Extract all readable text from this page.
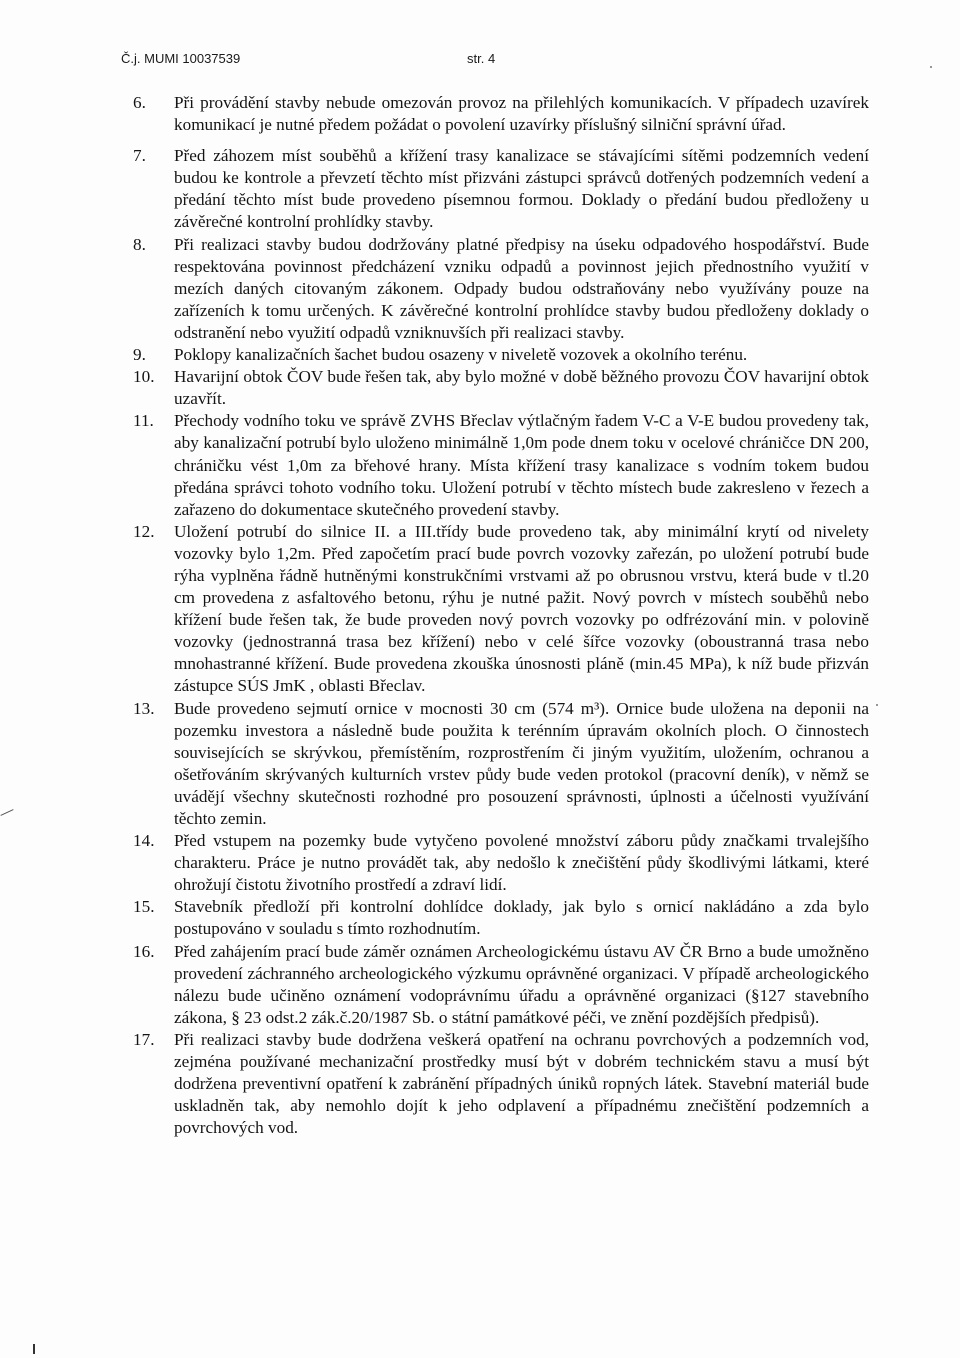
Č.j. MUMI 10037539	str. 4
6.	Při provádění stavby nebude omezován provoz na přilehlých komunikacích. V případech uzavírek komunikací je nutné předem požádat o povolení uzavírky příslušný silniční správní úřad.
7.	Před záhozem míst souběhů a křížení trasy kanalizace se stávajícími sítěmi podzemních vedení budou ke kontrole a převzetí těchto míst přizváni zástupci správců dotřených podzemních vedení a předání těchto míst bude provedeno písemnou formou. Doklady o předání budou předloženy u závěrečné kontrolní prohlídky stavby.
8.	Při realizaci stavby budou dodržovány platné předpisy na úseku odpadového hospodářství. Bude respektována povinnost předcházení vzniku odpadů a povinnost jejich přednostního využití v mezích daných citovaným zákonem. Odpady budou odstraňovány nebo využívány pouze na zařízeních k tomu určených. K závěrečné kontrolní prohlídce stavby budou předloženy doklady o odstranění nebo využití odpadů vzniknuvších při realizaci stavby.
9.	Poklopy kanalizačních šachet budou osazeny v niveletě vozovek a okolního terénu.
10.	Havarijní obtok ČOV bude řešen tak, aby bylo možné v době běžného provozu ČOV havarijní obtok uzavřít.
11.	Přechody vodního toku ve správě ZVHS Břeclav výtlačným řadem V-C a V-E budou provedeny tak, aby kanalizační potrubí bylo uloženo minimálně 1,0m pode dnem toku v ocelové chráničce DN 200, chráničku vést 1,0m za břehové hrany. Místa křížení trasy kanalizace s vodním tokem budou předána správci tohoto vodního toku. Uložení potrubí v těchto místech bude zakresleno v řezech a zařazeno do dokumentace skutečného provedení stavby.
12.	Uložení potrubí do silnice II. a III.třídy bude provedeno tak, aby minimální krytí od nivelety vozovky bylo 1,2m. Před započetím prací bude povrch vozovky zařezán, po uložení potrubí bude rýha vyplněna řádně hutněnými konstrukčními vrstvami až po obrusnou vrstvu, která bude v tl.20 cm provedena z asfaltového betonu, rýhu je nutné pažit. Nový povrch v místech souběhů nebo křížení bude řešen tak, že bude proveden nový povrch vozovky po odfrézování min. v polovině vozovky (jednostranná trasa bez křížení) nebo v celé šířce vozovky (oboustranná trasa nebo mnohastranné křížení. Bude provedena zkouška únosnosti pláně (min.45 MPa), k níž bude přizván zástupce SÚS JmK , oblasti Břeclav.
13.	Bude provedeno sejmutí ornice v mocnosti 30 cm (574 m³). Ornice bude uložena na deponii na pozemku investora a následně bude použita k terénním úpravám okolních ploch. O činnostech souvisejících se skrývkou, přemístěním, rozprostřením či jiným využitím, uložením, ochranou a ošetřováním skrývaných kulturních vrstev půdy bude veden protokol (pracovní deník), v němž se uvádějí všechny skutečnosti rozhodné pro posouzení správnosti, úplnosti a účelnosti využívání těchto zemin.
14.	Před vstupem na pozemky bude vytyčeno povolené množství záboru půdy značkami trvalejšího charakteru. Práce je nutno provádět tak, aby nedošlo k znečištění půdy škodlivými látkami, které ohrožují čistotu životního prostředí a zdraví lidí.
15.	Stavebník předloží při kontrolní dohlídce doklady, jak bylo s ornicí nakládáno a zda bylo postupováno v souladu s tímto rozhodnutím.
16.	Před zahájením prací bude záměr oznámen Archeologickému ústavu AV ČR Brno a bude umožněno provedení záchranného archeologického výzkumu oprávněné organizaci. V případě archeologického nálezu bude učiněno oznámení vodoprávnímu úřadu a oprávněné organizaci (§127 stavebního zákona, § 23 odst.2 zák.č.20/1987 Sb. o státní památkové péči, ve znění pozdějších předpisů).
17.	Při realizaci stavby bude dodržena veškerá opatření na ochranu povrchových a podzemních vod, zejména používané mechanizační prostředky musí být v dobrém technickém stavu a musí být dodržena preventivní opatření k zabránění případných úniků ropných látek. Stavební materiál bude uskladněn tak, aby nemohlo dojít k jeho odplavení a případnému znečištění podzemních a povrchových vod.
